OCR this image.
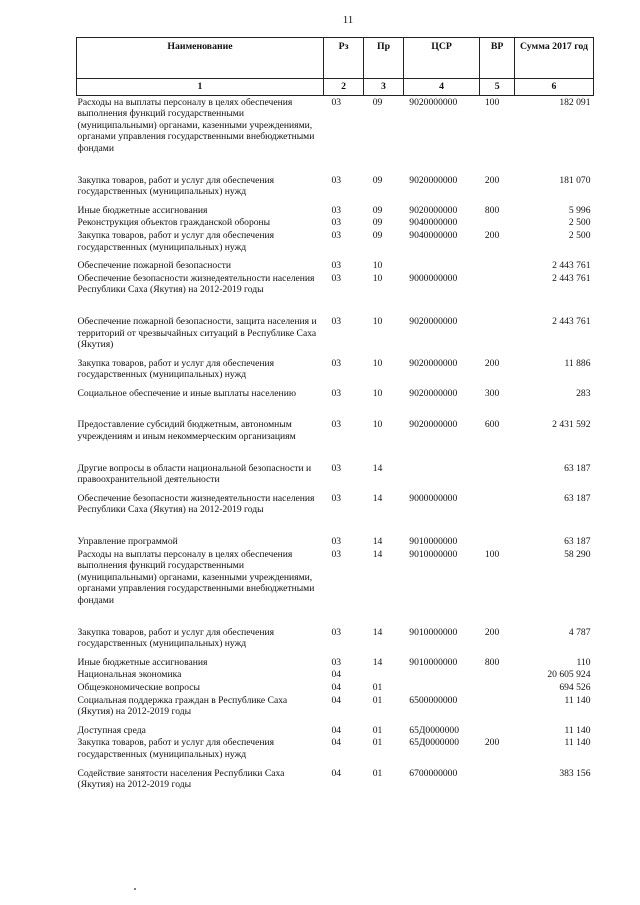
11
Наименование	Рз	Пр	ЦСР	ВР	Сумма 2017 год
1	2	3	4	5	6
Расходы на выплаты персоналу в целях обеспечения выполнения функций государственными (муниципальными) органами, казенными учреждениями, органами управления государственными внебюджетными фондами	03	09	9020000000	100	182 091
Закупка товаров, работ и услуг для обеспечения государственных (муниципальных) нужд	03	09	9020000000	200	181 070
Иные бюджетные ассигнования	03	09	9020000000	800	5 996
Реконструкция объектов гражданской обороны	03	09	9040000000		2 500
Закупка товаров, работ и услуг для обеспечения государственных (муниципальных) нужд	03	09	9040000000	200	2 500
Обеспечение пожарной безопасности	03	10			2 443 761
Обеспечение безопасности жизнедеятельности населения Республики Саха (Якутия) на 2012-2019 годы	03	10	9000000000		2 443 761
Обеспечение пожарной безопасности, защита населения и территорий от чрезвычайных ситуаций в Республике Саха (Якутия)	03	10	9020000000		2 443 761
Закупка товаров, работ и услуг для обеспечения государственных (муниципальных) нужд	03	10	9020000000	200	11 886
Социальное обеспечение и иные выплаты населению	03	10	9020000000	300	283
Предоставление субсидий бюджетным, автономным учреждениям и иным некоммерческим организациям	03	10	9020000000	600	2 431 592
Другие вопросы в области национальной безопасности и правоохранительной деятельности	03	14			63 187
Обеспечение безопасности жизнедеятельности населения Республики Саха (Якутия) на 2012-2019 годы	03	14	9000000000		63 187
Управление программой	03	14	9010000000		63 187
Расходы на выплаты персоналу в целях обеспечения выполнения функций государственными (муниципальными) органами, казенными учреждениями, органами управления государственными внебюджетными фондами	03	14	9010000000	100	58 290
Закупка товаров, работ и услуг для обеспечения государственных (муниципальных) нужд	03	14	9010000000	200	4 787
Иные бюджетные ассигнования	03	14	9010000000	800	110
Национальная экономика	04				20 605 924
Общеэкономические вопросы	04	01			694 526
Социальная поддержка граждан в Республике Саха (Якутия) на 2012-2019 годы	04	01	6500000000		11 140
Доступная среда	04	01	65Д0000000		11 140
Закупка товаров, работ и услуг для обеспечения государственных (муниципальных) нужд	04	01	65Д0000000	200	11 140
Содействие занятости населения Республики Саха (Якутия) на 2012-2019 годы	04	01	6700000000		383 156
